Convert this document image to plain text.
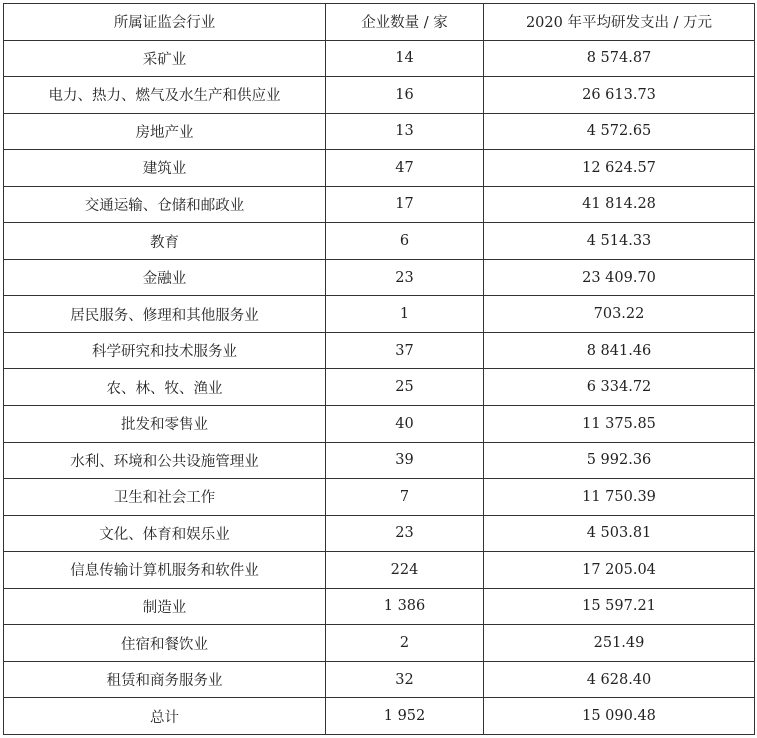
所属证监会行业	企业数量 / 家	2020 年平均研发支出 / 万元
采矿业	14	8 574.87
电力、热力、燃气及水生产和供应业	16	26 613.73
房地产业	13	4 572.65
建筑业	47	12 624.57
交通运输、仓储和邮政业	17	41 814.28
教育	6	4 514.33
金融业	23	23 409.70
居民服务、修理和其他服务业	1	703.22
科学研究和技术服务业	37	8 841.46
农、林、牧、渔业	25	6 334.72
批发和零售业	40	11 375.85
水利、环境和公共设施管理业	39	5 992.36
卫生和社会工作	7	11 750.39
文化、体育和娱乐业	23	4 503.81
信息传输计算机服务和软件业	224	17 205.04
制造业	1 386	15 597.21
住宿和餐饮业	2	251.49
租赁和商务服务业	32	4 628.40
总计	1 952	15 090.48
